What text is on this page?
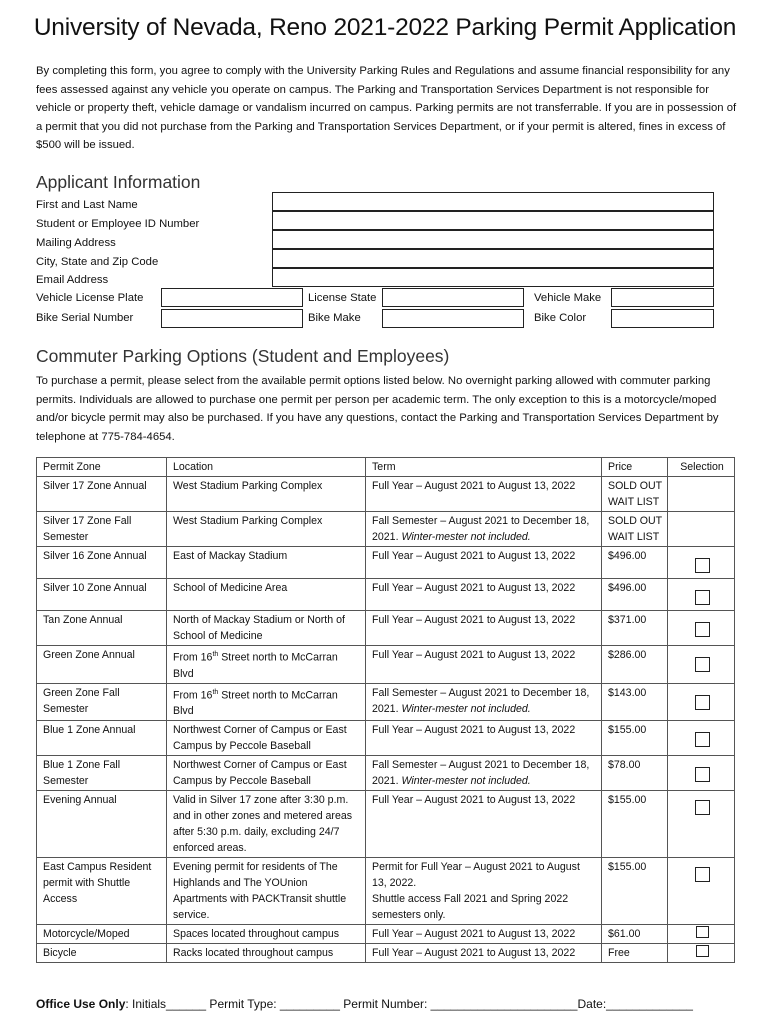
University of Nevada, Reno 2021-2022 Parking Permit Application

By completing this form, you agree to comply with the University Parking Rules and Regulations and assume financial responsibility for any fees assessed against any vehicle you operate on campus. The Parking and Transportation Services Department is not responsible for vehicle or property theft, vehicle damage or vandalism incurred on campus. Parking permits are not transferrable. If you are in possession of a permit that you did not purchase from the Parking and Transportation Services Department, or if your permit is altered, fines in excess of $500 will be issued.

Applicant Information
First and Last Name
Student or Employee ID Number
Mailing Address
City, State and Zip Code
Email Address
Vehicle License Plate	License State	Vehicle Make
Bike Serial Number	Bike Make	Bike Color
Commuter Parking Options (Student and Employees)

To purchase a permit, please select from the available permit options listed below. No overnight parking allowed with commuter parking permits. Individuals are allowed to purchase one permit per person per academic term. The only exception to this is a motorcycle/moped and/or bicycle permit may also be purchased. If you have any questions, contact the Parking and Transportation Services Department by telephone at 775-784-4654.

Permit Zone	Location	Term	Price	Selection
Silver 17 Zone Annual	West Stadium Parking Complex	Full Year – August 2021 to August 13, 2022	SOLD OUT WAIT LIST	
Silver 17 Zone Fall Semester	West Stadium Parking Complex	Fall Semester – August 2021 to December 18, 2021. Winter-mester not included.	SOLD OUT WAIT LIST	
Silver 16 Zone Annual	East of Mackay Stadium	Full Year – August 2021 to August 13, 2022	$496.00	

Silver 10 Zone Annual	School of Medicine Area	Full Year – August 2021 to August 13, 2022	$496.00	

Tan Zone Annual	North of Mackay Stadium or North of School of Medicine	Full Year – August 2021 to August 13, 2022	$371.00	

Green Zone Annual	From 16th Street north to McCarran Blvd	Full Year – August 2021 to August 13, 2022	$286.00	

Green Zone Fall Semester	From 16th Street north to McCarran Blvd	Fall Semester – August 2021 to December 18, 2021. Winter-mester not included.	$143.00	

Blue 1 Zone Annual	Northwest Corner of Campus or East Campus by Peccole Baseball	Full Year – August 2021 to August 13, 2022	$155.00	

Blue 1 Zone Fall Semester	Northwest Corner of Campus or East Campus by Peccole Baseball	Fall Semester – August 2021 to December 18, 2021. Winter-mester not included.	$78.00	

Evening Annual	Valid in Silver 17 zone after 3:30 p.m. and in other zones and metered areas after 5:30 p.m. daily, excluding 24/7 enforced areas.	Full Year – August 2021 to August 13, 2022	$155.00	

East Campus Resident permit with Shuttle Access	Evening permit for residents of The Highlands and The YOUnion Apartments with PACKTransit shuttle service.	Permit for Full Year – August 2021 to August 13, 2022.
Shuttle access Fall 2021 and Spring 2022 semesters only.	$155.00	

Motorcycle/Moped	Spaces located throughout campus	Full Year – August 2021 to August 13, 2022	$61.00	

Bicycle	Racks located throughout campus	Full Year – August 2021 to August 13, 2022	Free	
Office Use Only: Initials______ Permit Type: _________ Permit Number: ______________________Date:_____________
